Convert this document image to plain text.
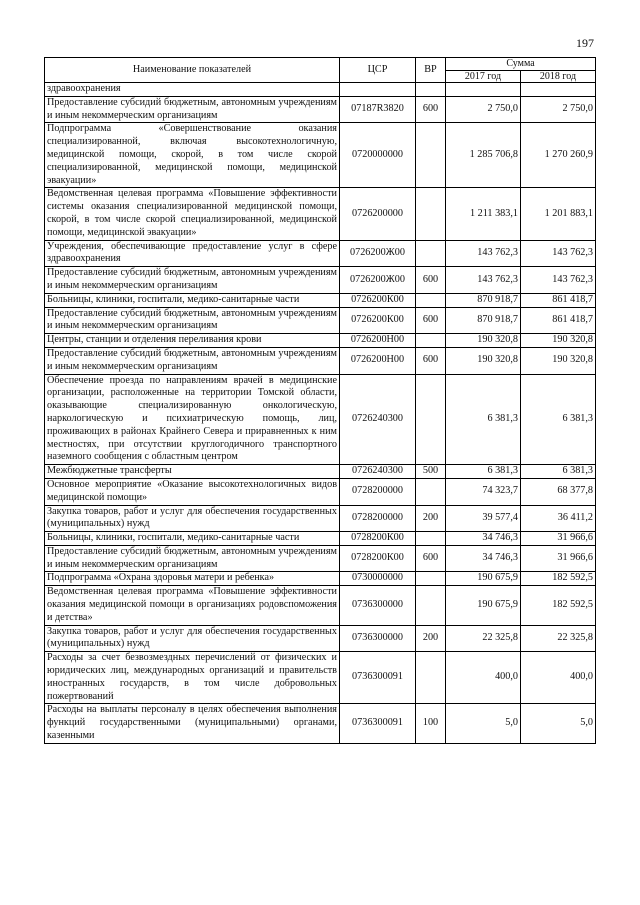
197
Наименование показателей	ЦСР	ВР	Сумма	
			2017 год	2018 год
здравоохранения				
Предоставление субсидий бюджетным, автономным учреждениям и иным некоммерческим организациям	07187R3820	600	2 750,0	2 750,0
Подпрограмма «Совершенствование оказания специализированной, включая высокотехнологичную, медицинской помощи, скорой, в том числе скорой специализированной, медицинской помощи, медицинской эвакуации»	0720000000		1 285 706,8	1 270 260,9
Ведомственная целевая программа «Повышение эффективности системы оказания специализированной медицинской помощи, скорой, в том числе скорой специализированной, медицинской помощи, медицинской эвакуации»	0726200000		1 211 383,1	1 201 883,1
Учреждения, обеспечивающие предоставление услуг в сфере здравоохранения	0726200Ж00		143 762,3	143 762,3
Предоставление субсидий бюджетным, автономным учреждениям и иным некоммерческим организациям	0726200Ж00	600	143 762,3	143 762,3
Больницы, клиники, госпитали, медико-санитарные части	0726200К00		870 918,7	861 418,7
Предоставление субсидий бюджетным, автономным учреждениям и иным некоммерческим организациям	0726200К00	600	870 918,7	861 418,7
Центры, станции и отделения переливания крови	0726200Н00		190 320,8	190 320,8
Предоставление субсидий бюджетным, автономным учреждениям и иным некоммерческим организациям	0726200Н00	600	190 320,8	190 320,8
Обеспечение проезда по направлениям врачей в медицинские организации, расположенные на территории Томской области, оказывающие специализированную онкологическую, наркологическую и психиатрическую помощь, лиц, проживающих в районах Крайнего Севера и приравненных к ним местностях, при отсутствии круглогодичного транспортного наземного сообщения с областным центром	0726240300		6 381,3	6 381,3
Межбюджетные трансферты	0726240300	500	6 381,3	6 381,3
Основное мероприятие «Оказание высокотехнологичных видов медицинской помощи»	0728200000		74 323,7	68 377,8
Закупка товаров, работ и услуг для обеспечения государственных (муниципальных) нужд	0728200000	200	39 577,4	36 411,2
Больницы, клиники, госпитали, медико-санитарные части	0728200К00		34 746,3	31 966,6
Предоставление субсидий бюджетным, автономным учреждениям и иным некоммерческим организациям	0728200К00	600	34 746,3	31 966,6
Подпрограмма «Охрана здоровья матери и ребенка»	0730000000		190 675,9	182 592,5
Ведомственная целевая программа «Повышение эффективности оказания медицинской помощи в организациях родовспоможения и детства»	0736300000		190 675,9	182 592,5
Закупка товаров, работ и услуг для обеспечения государственных (муниципальных) нужд	0736300000	200	22 325,8	22 325,8
Расходы за счет безвозмездных перечислений от физических и юридических лиц, международных организаций и правительств иностранных государств, в том числе добровольных пожертвований	0736300091		400,0	400,0
Расходы на выплаты персоналу в целях обеспечения выполнения функций государственными (муниципальными) органами, казенными	0736300091	100	5,0	5,0
